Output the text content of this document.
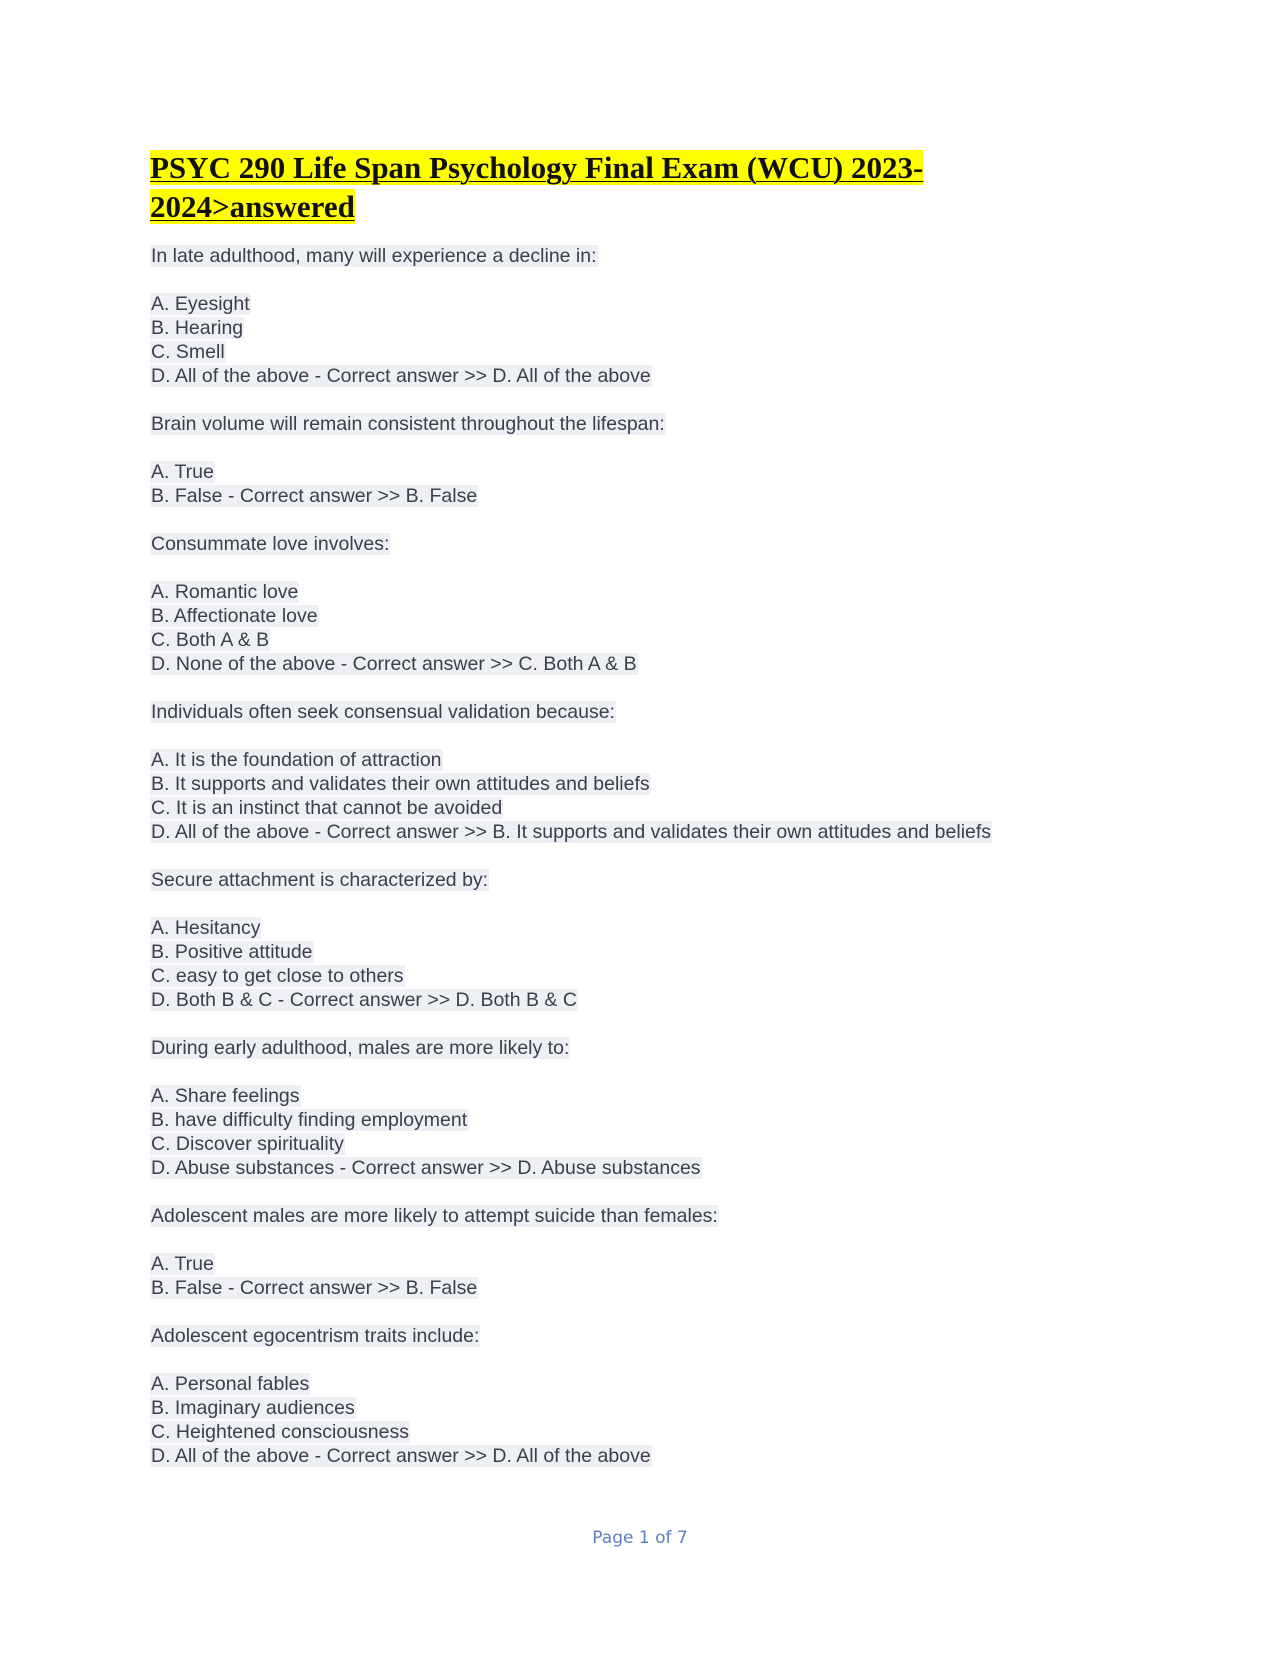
PSYC 290 Life Span Psychology Final Exam (WCU) 2023-2024>answered

In late adulthood, many will experience a decline in:

A. Eyesight

B. Hearing

C. Smell

D. All of the above - Correct answer >> D. All of the above

Brain volume will remain consistent throughout the lifespan:

A. True

B. False - Correct answer >> B. False

Consummate love involves:

A. Romantic love

B. Affectionate love

C. Both A & B

D. None of the above - Correct answer >> C. Both A & B

Individuals often seek consensual validation because:

A. It is the foundation of attraction

B. It supports and validates their own attitudes and beliefs

C. It is an instinct that cannot be avoided

D. All of the above - Correct answer >> B. It supports and validates their own attitudes and beliefs

Secure attachment is characterized by:

A. Hesitancy

B. Positive attitude

C. easy to get close to others

D. Both B & C - Correct answer >> D. Both B & C

During early adulthood, males are more likely to:

A. Share feelings

B. have difficulty finding employment

C. Discover spirituality

D. Abuse substances - Correct answer >> D. Abuse substances

Adolescent males are more likely to attempt suicide than females:

A. True

B. False - Correct answer >> B. False

Adolescent egocentrism traits include:

A. Personal fables

B. Imaginary audiences

C. Heightened consciousness

D. All of the above - Correct answer >> D. All of the above

Page 1 of 7
